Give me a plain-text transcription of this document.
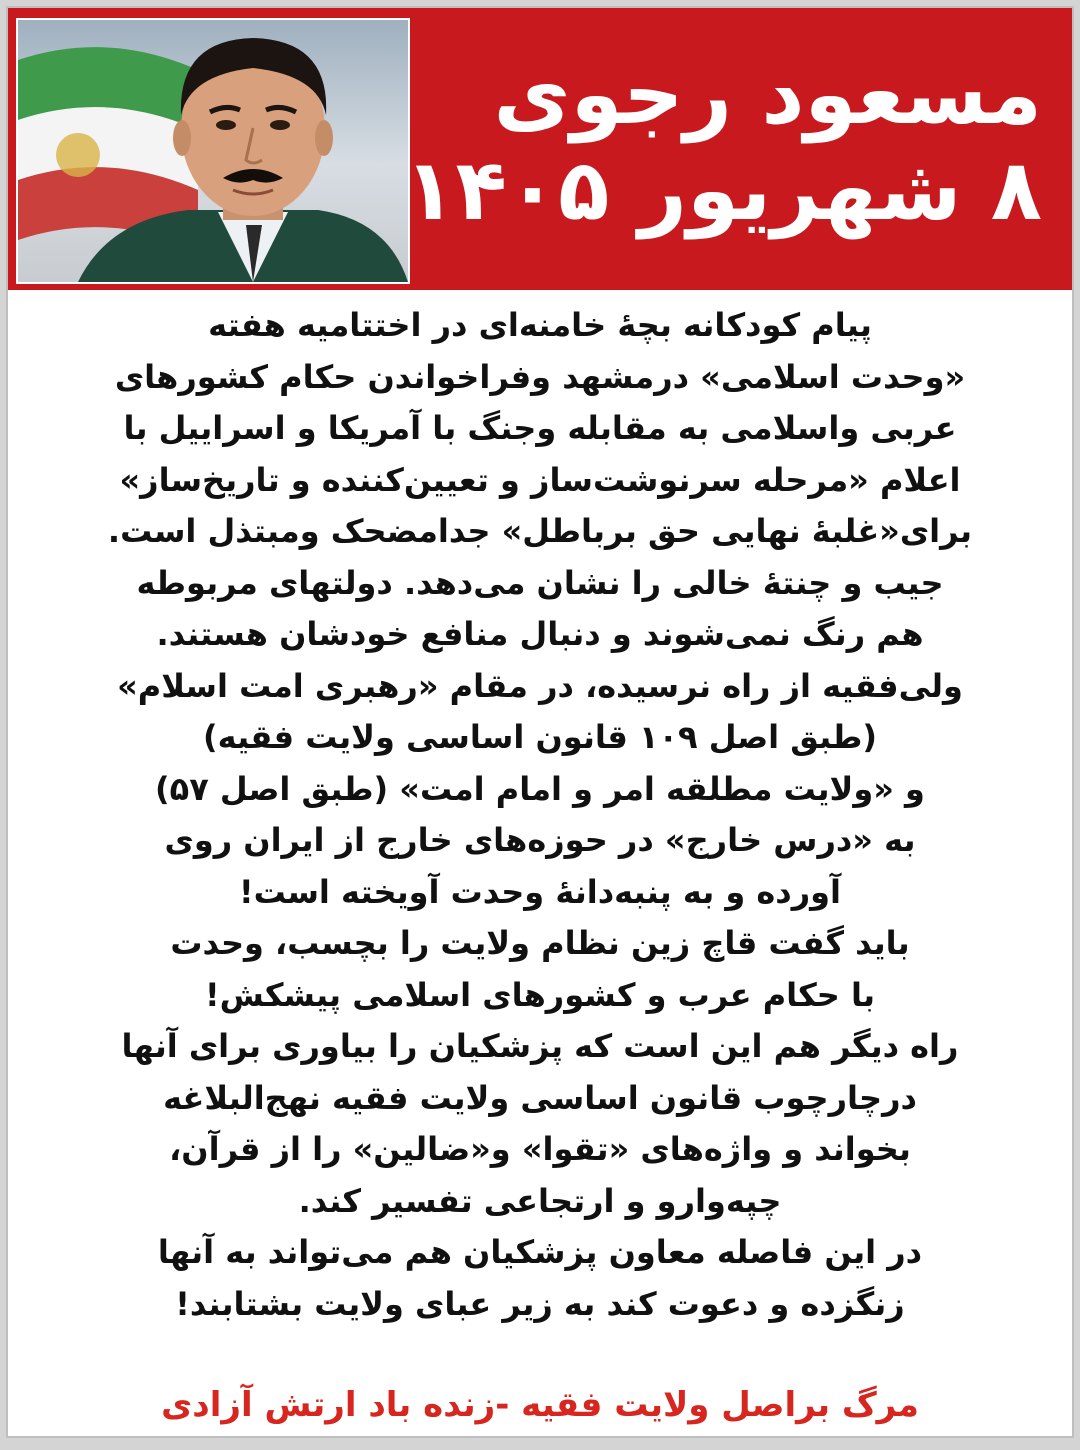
مسعود رجوی
۸ شهریور ۱۴۰۵
پیام کودکانه بچهٔ خامنه‌ای در اختتامیه هفته
«وحدت اسلامی» درمشهد وفراخواندن حکام کشورهای
عربی واسلامی به مقابله وجنگ با آمریکا و اسراییل با
اعلام «مرحله سرنوشت‌ساز و تعیین‌کننده و تاریخ‌ساز»
برای«غلبهٔ نهایی حق برباطل» جدامضحک ومبتذل است.
جیب و چنتهٔ خالی را نشان می‌دهد. دولتهای مربوطه
هم رنگ نمی‌شوند و دنبال منافع خودشان هستند.
ولی‌فقیه از راه نرسیده، در مقام «رهبری امت اسلام»
(طبق اصل ۱۰۹ قانون اساسی ولایت فقیه)
و «ولایت مطلقه امر و امام امت» (طبق اصل ۵۷)
به «درس خارج» در حوزه‌های خارج از ایران روی
آورده و به پنبه‌دانهٔ وحدت آویخته است!
باید گفت قاچ زین نظام ولایت را بچسب، وحدت
با حکام عرب و کشورهای اسلامی پیشکش!
راه دیگر هم این است که پزشکیان را بیاوری برای آنها
درچارچوب قانون اساسی ولایت فقیه نهج‌البلاغه
بخواند و واژه‌های «تقوا» و«ضالین» را از قرآن،
چپه‌وارو و ارتجاعی تفسیر کند.
در این فاصله معاون پزشکیان هم می‌تواند به آنها
زنگزده و دعوت کند به زیر عبای ولایت بشتابند!
مرگ براصل ولایت فقیه -زنده باد ارتش آزادی
